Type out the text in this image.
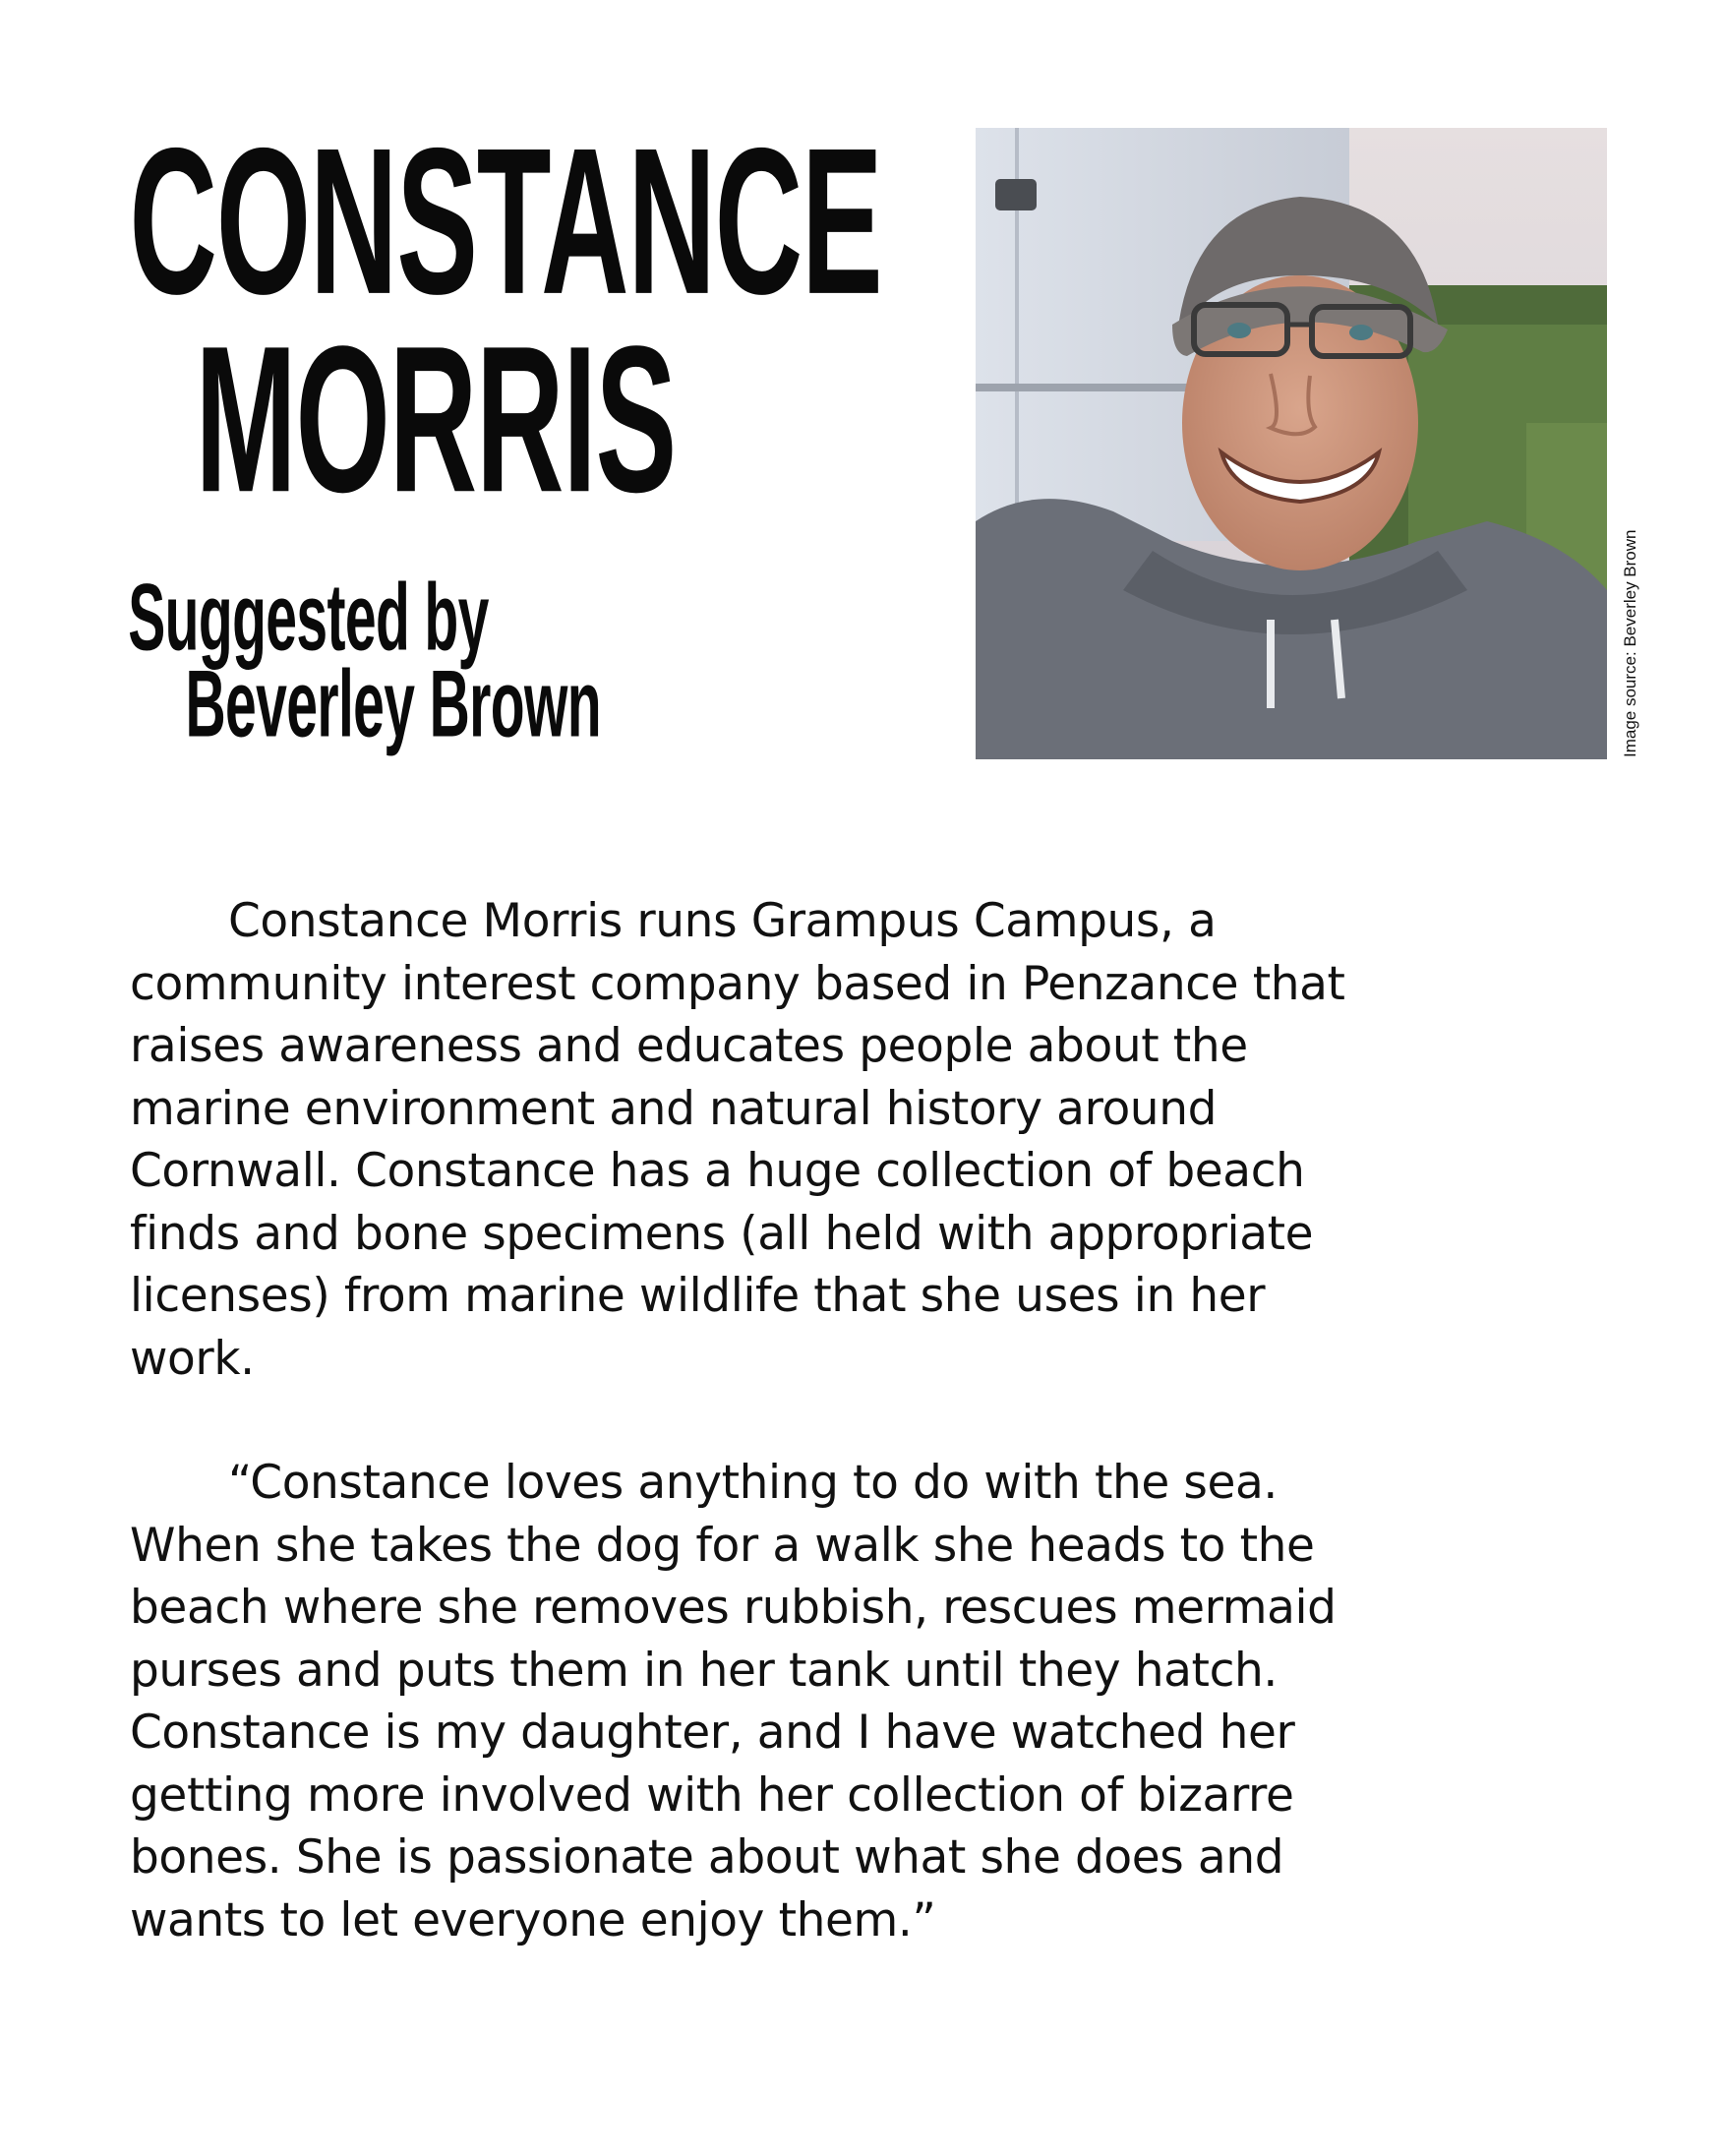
CONSTANCE
MORRIS
Suggested by
Beverley Brown	Image source: Beverley Brown

Constance Morris runs Grampus Campus, a community interest company based in Penzance that raises awareness and educates people about the marine environment and natural history around Cornwall. Constance has a huge collection of beach finds and bone specimens (all held with appropriate licenses) from marine wildlife that she uses in her work.

“Constance loves anything to do with the sea. When she takes the dog for a walk she heads to the beach where she removes rubbish, rescues mermaid purses and puts them in her tank until they hatch. Constance is my daughter, and I have watched her getting more involved with her collection of bizarre bones. She is passionate about what she does and wants to let everyone enjoy them.”
